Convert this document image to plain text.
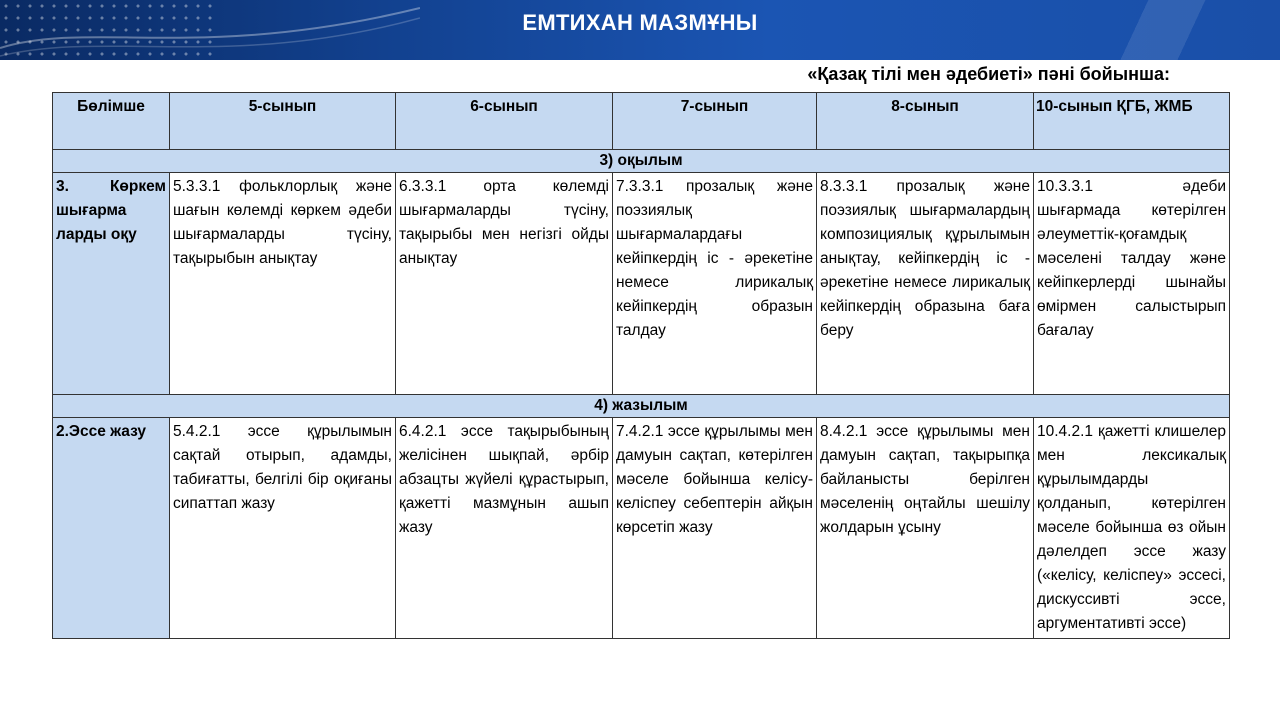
ЕМТИХАН МАЗМҰНЫ
«Қазақ тілі мен әдебиеті» пәні бойынша:
Бөлімше	5-сынып	6-сынып	7-сынып	8-сынып	10-сынып ҚГБ, ЖМБ
3) оқылым					
3. Көркем шығарма ларды оқу	5.3.3.1 фольклорлық және шағын көлемді көркем әдеби шығармаларды түсіну, тақырыбын анықтау	6.3.3.1 орта көлемді шығармаларды түсіну, тақырыбы мен негізгі ойды анықтау	7.3.3.1 прозалық және поэзиялық шығармалардағы кейіпкердің іс - әрекетіне немесе лирикалық кейіпкердің образын талдау	8.3.3.1 прозалық және поэзиялық шығармалардың композициялық құрылымын анықтау, кейіпкердің іс - әрекетіне немесе лирикалық кейіпкердің образына баға беру	10.3.3.1 әдеби шығармада көтерілген әлеуметтік-қоғамдық мәселені талдау және кейіпкерлерді шынайы өмірмен салыстырып бағалау
4) жазылым					
2.Эссе жазу	5.4.2.1 эссе құрылымын сақтай отырып, адамды, табиғатты, белгілі бір оқиғаны сипаттап жазу	6.4.2.1 эссе тақырыбының желісінен шықпай, әрбір абзацты жүйелі құрастырып, қажетті мазмұнын ашып жазу	7.4.2.1 эссе құрылымы мен дамуын сақтап, көтерілген мәселе бойынша келісу-келіспеу себептерін айқын көрсетіп жазу	8.4.2.1 эссе құрылымы мен дамуын сақтап, тақырыпқа байланысты берілген мәселенің оңтайлы шешілу жолдарын ұсыну	10.4.2.1 қажетті клишелер мен лексикалық құрылымдарды қолданып, көтерілген мәселе бойынша өз ойын дәлелдеп эссе жазу («келісу, келіспеу» эссесі, дискуссивті эссе, аргументативті эссе)
